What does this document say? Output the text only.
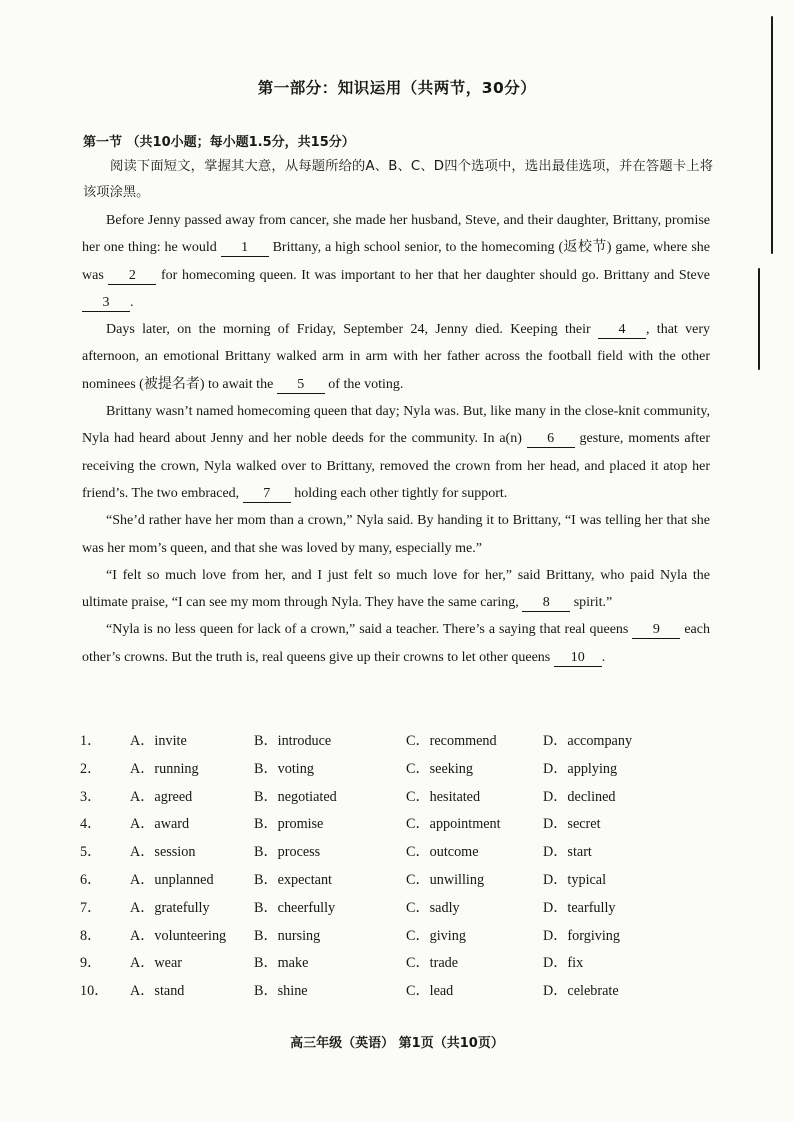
第一部分：知识运用（共两节，30分）
第一节 （共10小题；每小题1.5分，共15分）
阅读下面短文，掌握其大意，从每题所给的A、B、C、D四个选项中，选出最佳选项，并在答题卡上将该项涂黑。

Before Jenny passed away from cancer, she made her husband, Steve, and their daughter, Brittany, promise her one thing: he would 1 Brittany, a high school senior, to the homecoming (返校节) game, where she was 2 for homecoming queen. It was important to her that her daughter should go. Brittany and Steve 3 .

Days later, on the morning of Friday, September 24, Jenny died. Keeping their 4 , that very afternoon, an emotional Brittany walked arm in arm with her father across the football field with the other nominees (被提名者) to await the 5 of the voting.

Brittany wasn’t named homecoming queen that day; Nyla was. But, like many in the close-knit community, Nyla had heard about Jenny and her noble deeds for the community. In a(n) 6 gesture, moments after receiving the crown, Nyla walked over to Brittany, removed the crown from her head, and placed it atop her friend’s. The two embraced, 7 holding each other tightly for support.

“She’d rather have her mom than a crown,” Nyla said. By handing it to Brittany, “I was telling her that she was her mom’s queen, and that she was loved by many, especially me.”

“I felt so much love from her, and I just felt so much love for her,” said Brittany, who paid Nyla the ultimate praise, “I can see my mom through Nyla. They have the same caring, 8 spirit.”

“Nyla is no less queen for lack of a crown,” said a teacher. There’s a saying that real queens 9 each other’s crowns. But the truth is, real queens give up their crowns to let other queens 10 .

1． A．invite	B．introduce	C．recommend	D．accompany
2． A．running	B．voting	C．seeking	D．applying
3． A．agreed	B．negotiated	C．hesitated	D．declined
4． A．award	B．promise	C．appointment	D．secret
5． A．session	B．process	C．outcome	D．start
6． A．unplanned	B．expectant	C．unwilling	D．typical
7． A．gratefully	B．cheerfully	C．sadly	D．tearfully
8． A．volunteering B．nursing	C．giving	D．forgiving
9． A．wear	B．make	C．trade	D．fix
10． A．stand	B．shine	C．lead	D．celebrate
高三年级（英语） 第1页（共10页）
